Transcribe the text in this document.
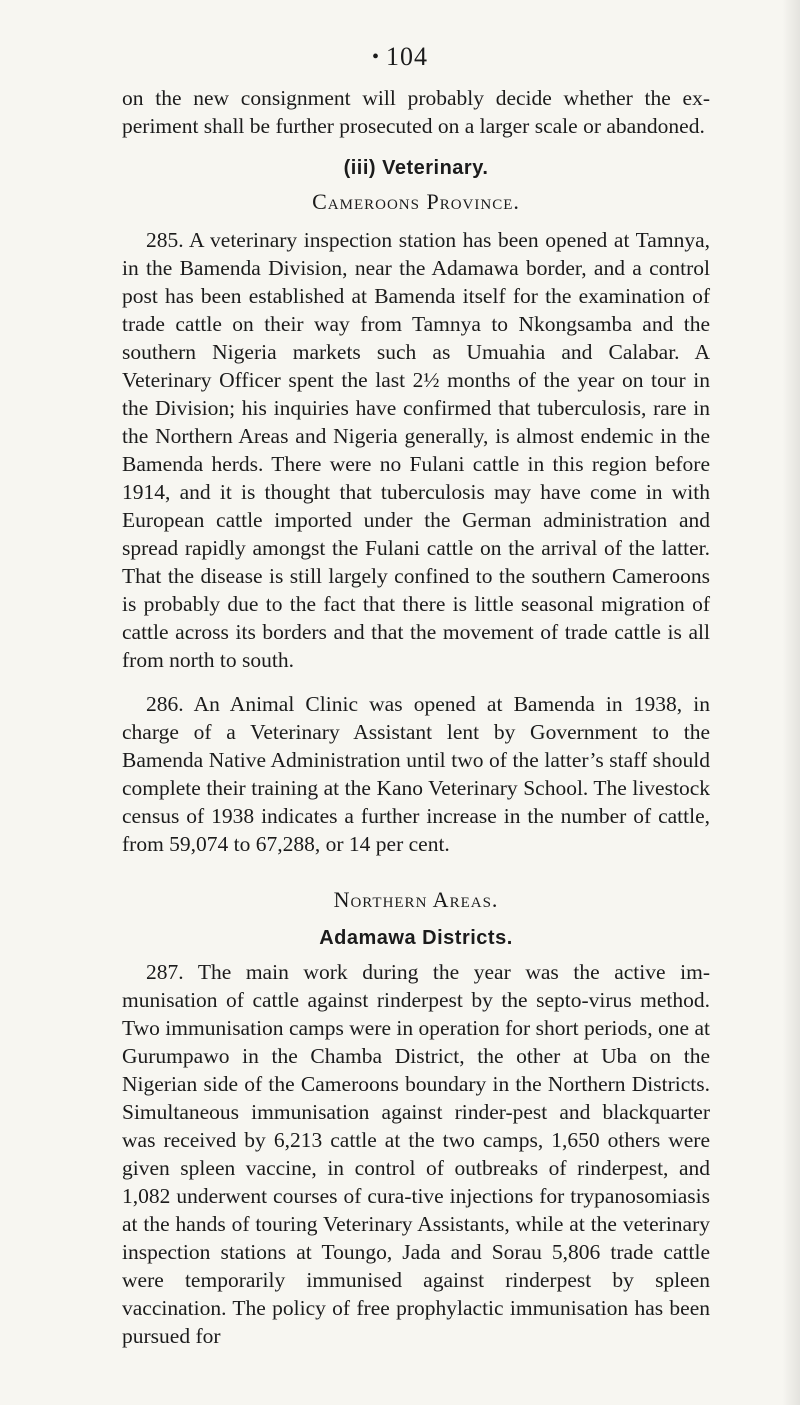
• 104

on the new consignment will probably decide whether the ex-periment shall be further prosecuted on a larger scale or abandoned.

(iii) Veterinary.
Cameroons Province.

285. A veterinary inspection station has been opened at Tamnya, in the Bamenda Division, near the Adamawa border, and a control post has been established at Bamenda itself for the examination of trade cattle on their way from Tamnya to Nkongsamba and the southern Nigeria markets such as Umuahia and Calabar. A Veterinary Officer spent the last 2½ months of the year on tour in the Division; his inquiries have confirmed that tuberculosis, rare in the Northern Areas and Nigeria generally, is almost endemic in the Bamenda herds. There were no Fulani cattle in this region before 1914, and it is thought that tuberculosis may have come in with European cattle imported under the German administration and spread rapidly amongst the Fulani cattle on the arrival of the latter. That the disease is still largely confined to the southern Cameroons is probably due to the fact that there is little seasonal migration of cattle across its borders and that the movement of trade cattle is all from north to south.

286. An Animal Clinic was opened at Bamenda in 1938, in charge of a Veterinary Assistant lent by Government to the Bamenda Native Administration until two of the latter’s staff should complete their training at the Kano Veterinary School. The livestock census of 1938 indicates a further increase in the number of cattle, from 59,074 to 67,288, or 14 per cent.

Northern Areas.
Adamawa Districts.

287. The main work during the year was the active im-munisation of cattle against rinderpest by the septo-virus method. Two immunisation camps were in operation for short periods, one at Gurumpawo in the Chamba District, the other at Uba on the Nigerian side of the Cameroons boundary in the Northern Districts. Simultaneous immunisation against rinder-pest and blackquarter was received by 6,213 cattle at the two camps, 1,650 others were given spleen vaccine, in control of outbreaks of rinderpest, and 1,082 underwent courses of cura-tive injections for trypanosomiasis at the hands of touring Veterinary Assistants, while at the veterinary inspection stations at Toungo, Jada and Sorau 5,806 trade cattle were temporarily immunised against rinderpest by spleen vaccination. The policy of free prophylactic immunisation has been pursued for
